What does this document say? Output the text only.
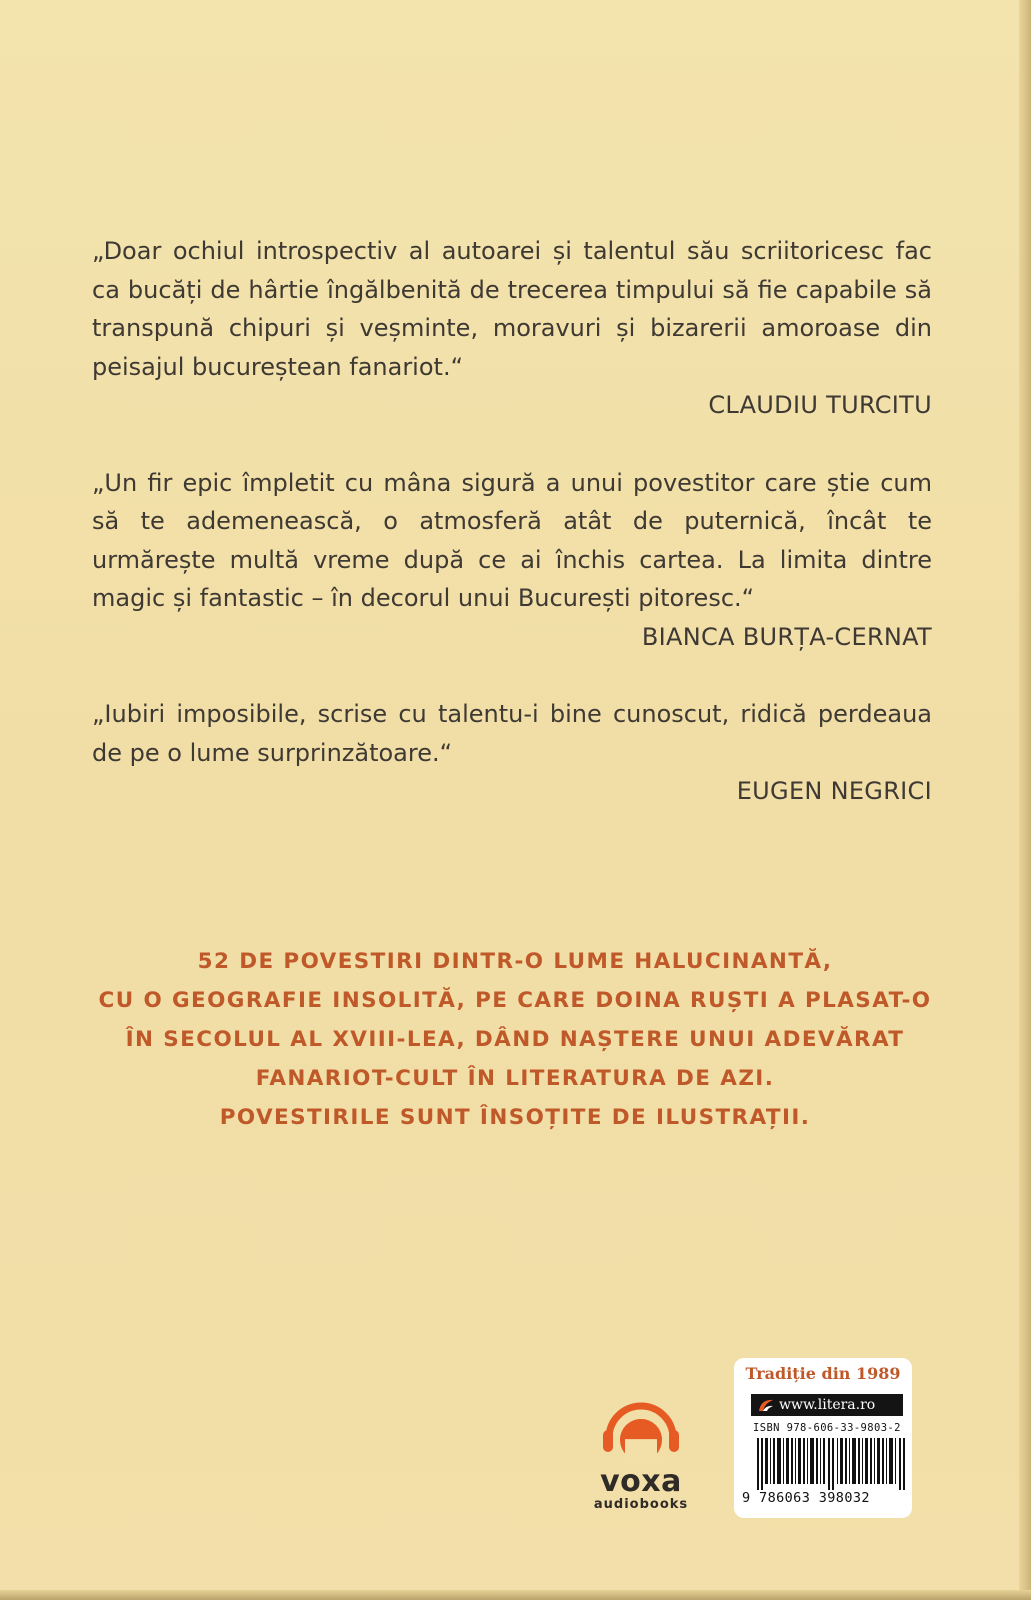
„Doar ochiul introspectiv al autoarei și talentul său scriitoricesc fac ca bucăți de hârtie îngălbenită de trecerea timpului să fie capabile să transpună chipuri și veșminte, moravuri și bizarerii amoroase din peisajul bucureștean fanariot.“

CLAUDIU TURCITU

„Un fir epic împletit cu mâna sigură a unui povestitor care știe cum să te ademenească, o atmosferă atât de puternică, încât te urmărește multă vreme după ce ai închis cartea. La limita dintre magic și fantastic – în decorul unui București pitoresc.“

BIANCA BURȚA-CERNAT

„Iubiri imposibile, scrise cu talentu-i bine cunoscut, ridică perdeaua de pe o lume surprinzătoare.“

EUGEN NEGRICI

52 DE POVESTIRI DINTR-O LUME HALUCINANTĂ,

CU O GEOGRAFIE INSOLITĂ, PE CARE DOINA RUȘTI A PLASAT-O

ÎN SECOLUL AL XVIII-LEA, DÂND NAȘTERE UNUI ADEVĂRAT

FANARIOT-CULT ÎN LITERATURA DE AZI.

POVESTIRILE SUNT ÎNSOȚITE DE ILUSTRAȚII.

voxa
audiobooks
Tradiție din 1989
www.litera.ro
ISBN 978-606-33-9803-2
9 786063 398032
